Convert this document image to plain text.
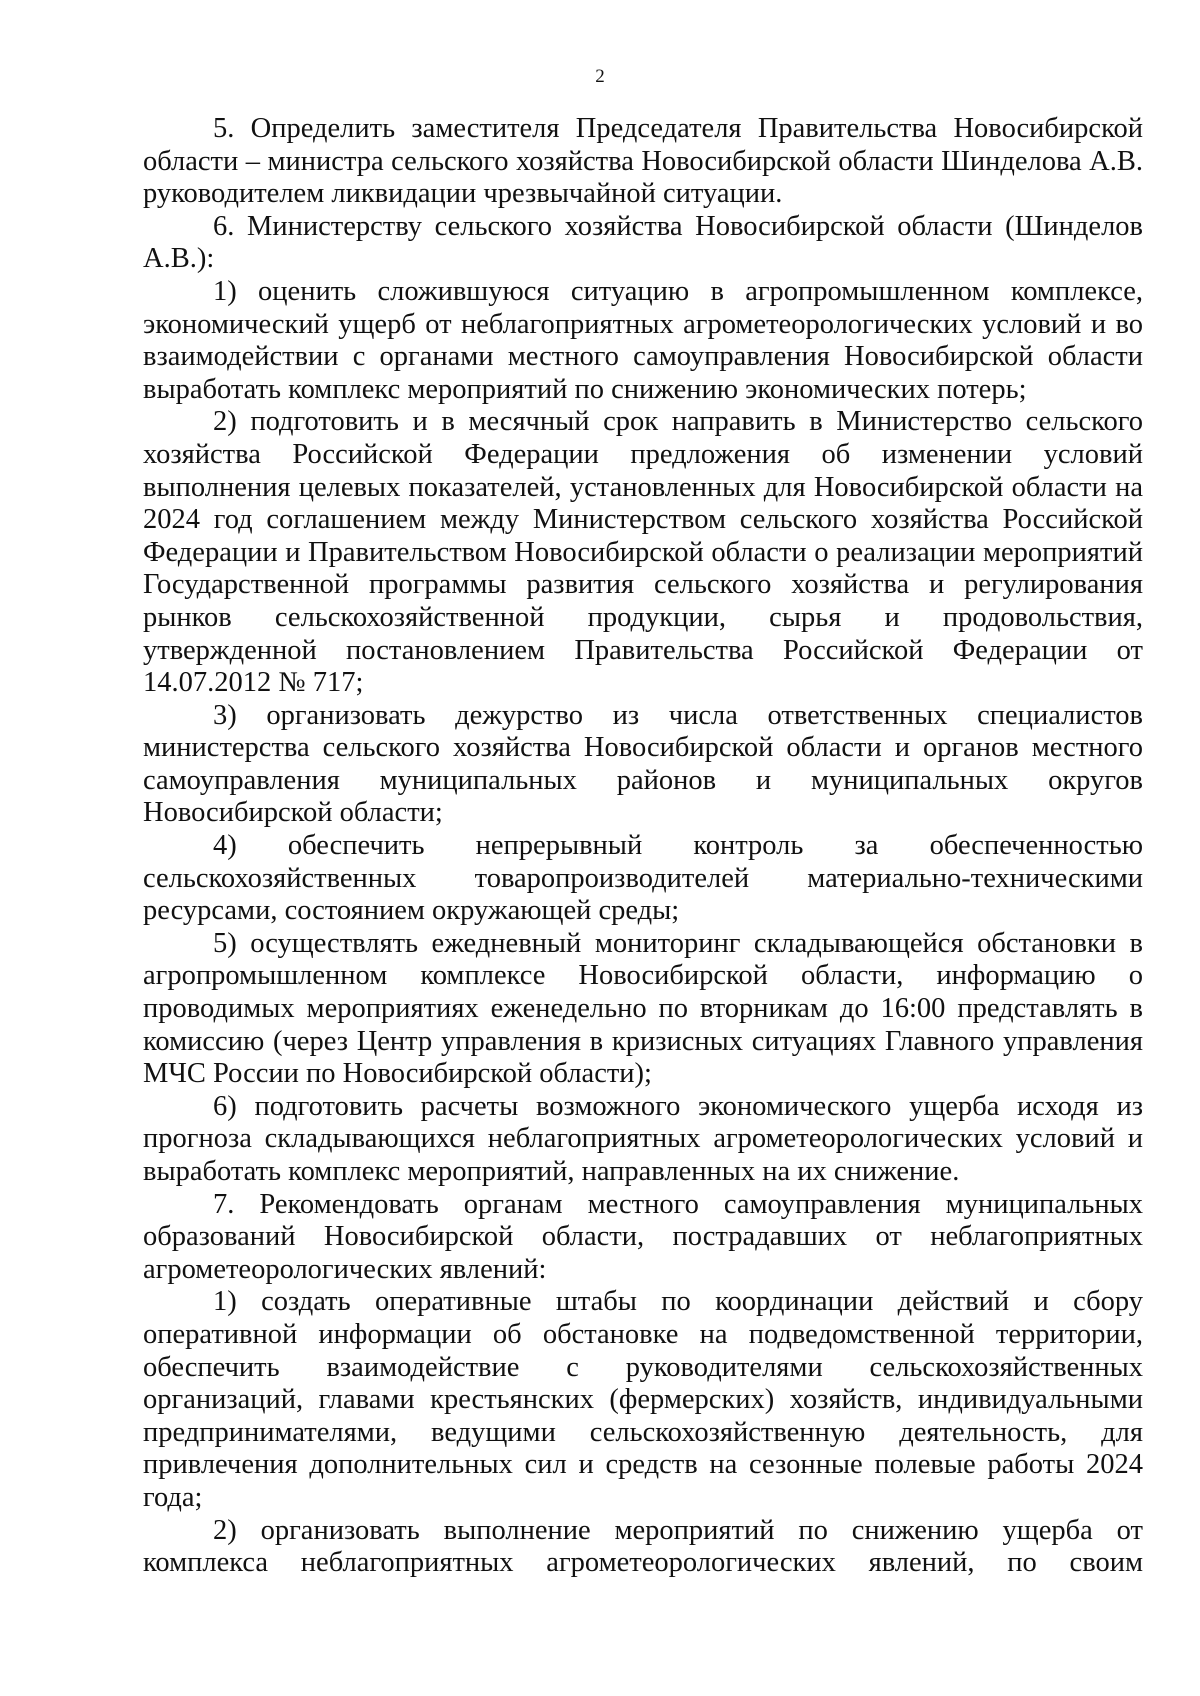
2

5. Определить заместителя Председателя Правительства Новосибирской области – министра сельского хозяйства Новосибирской области Шинделова А.В. руководителем ликвидации чрезвычайной ситуации.

6. Министерству сельского хозяйства Новосибирской области (Шинделов А.В.):

1) оценить сложившуюся ситуацию в агропромышленном комплексе, экономический ущерб от неблагоприятных агрометеорологических условий и во взаимодействии с органами местного самоуправления Новосибирской области выработать комплекс мероприятий по снижению экономических потерь;

2) подготовить и в месячный срок направить в Министерство сельского хозяйства Российской Федерации предложения об изменении условий выполнения целевых показателей, установленных для Новосибирской области на 2024 год соглашением между Министерством сельского хозяйства Российской Федерации и Правительством Новосибирской области о реализации мероприятий Государственной программы развития сельского хозяйства и регулирования рынков сельскохозяйственной продукции, сырья и продовольствия, утвержденной постановлением Правительства Российской Федерации от 14.07.2012 № 717;

3) организовать дежурство из числа ответственных специалистов министерства сельского хозяйства Новосибирской области и органов местного самоуправления муниципальных районов и муниципальных округов Новосибирской области;

4) обеспечить непрерывный контроль за обеспеченностью сельскохозяйственных товаропроизводителей материально-техническими ресурсами, состоянием окружающей среды;

5) осуществлять ежедневный мониторинг складывающейся обстановки в агропромышленном комплексе Новосибирской области, информацию о проводимых мероприятиях еженедельно по вторникам до 16:00 представлять в комиссию (через Центр управления в кризисных ситуациях Главного управления МЧС России по Новосибирской области);

6) подготовить расчеты возможного экономического ущерба исходя из прогноза складывающихся неблагоприятных агрометеорологических условий и выработать комплекс мероприятий, направленных на их снижение.

7. Рекомендовать органам местного самоуправления муниципальных образований Новосибирской области, пострадавших от неблагоприятных агрометеорологических явлений:

1) создать оперативные штабы по координации действий и сбору оперативной информации об обстановке на подведомственной территории, обеспечить взаимодействие с руководителями сельскохозяйственных организаций, главами крестьянских (фермерских) хозяйств, индивидуальными предпринимателями, ведущими сельскохозяйственную деятельность, для привлечения дополнительных сил и средств на сезонные полевые работы 2024 года;

2) организовать выполнение мероприятий по снижению ущерба от комплекса неблагоприятных агрометеорологических явлений, по своим
